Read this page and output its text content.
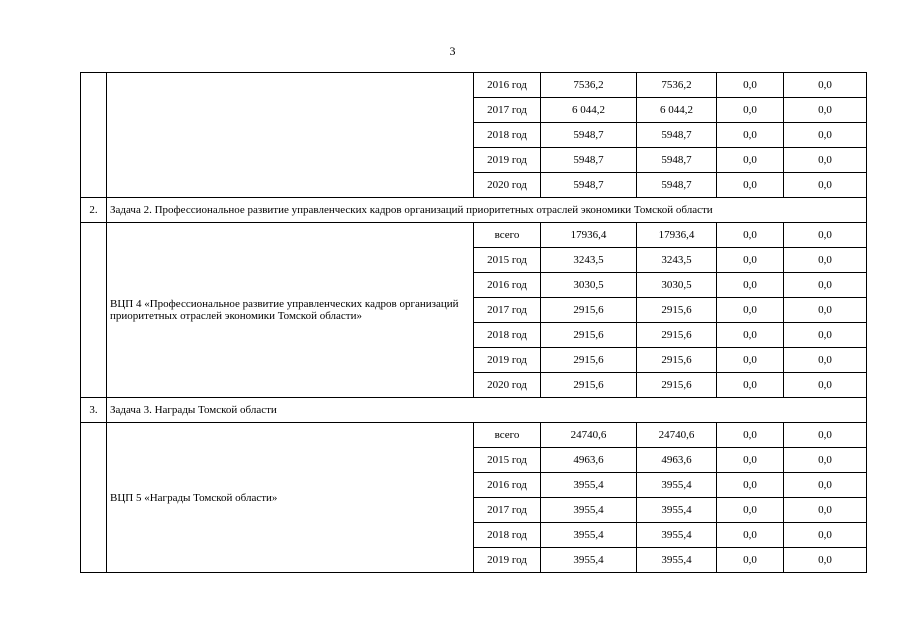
3
		2016 год	7536,2	7536,2	0,0	0,0
		2017 год	6 044,2	6 044,2	0,0	0,0
		2018 год	5948,7	5948,7	0,0	0,0
		2019 год	5948,7	5948,7	0,0	0,0
		2020 год	5948,7	5948,7	0,0	0,0
2.	Задача 2. Профессиональное развитие управленческих кадров организаций приоритетных отраслей экономики Томской области					
	ВЦП 4 «Профессиональное развитие управленческих кадров организаций приоритетных отраслей экономики Томской области»	всего	17936,4	17936,4	0,0	0,0
		2015 год	3243,5	3243,5	0,0	0,0
		2016 год	3030,5	3030,5	0,0	0,0
		2017 год	2915,6	2915,6	0,0	0,0
		2018 год	2915,6	2915,6	0,0	0,0
		2019 год	2915,6	2915,6	0,0	0,0
		2020 год	2915,6	2915,6	0,0	0,0
3.	Задача 3. Награды Томской области					
	ВЦП 5 «Награды Томской области»	всего	24740,6	24740,6	0,0	0,0
		2015 год	4963,6	4963,6	0,0	0,0
		2016 год	3955,4	3955,4	0,0	0,0
		2017 год	3955,4	3955,4	0,0	0,0
		2018 год	3955,4	3955,4	0,0	0,0
		2019 год	3955,4	3955,4	0,0	0,0
